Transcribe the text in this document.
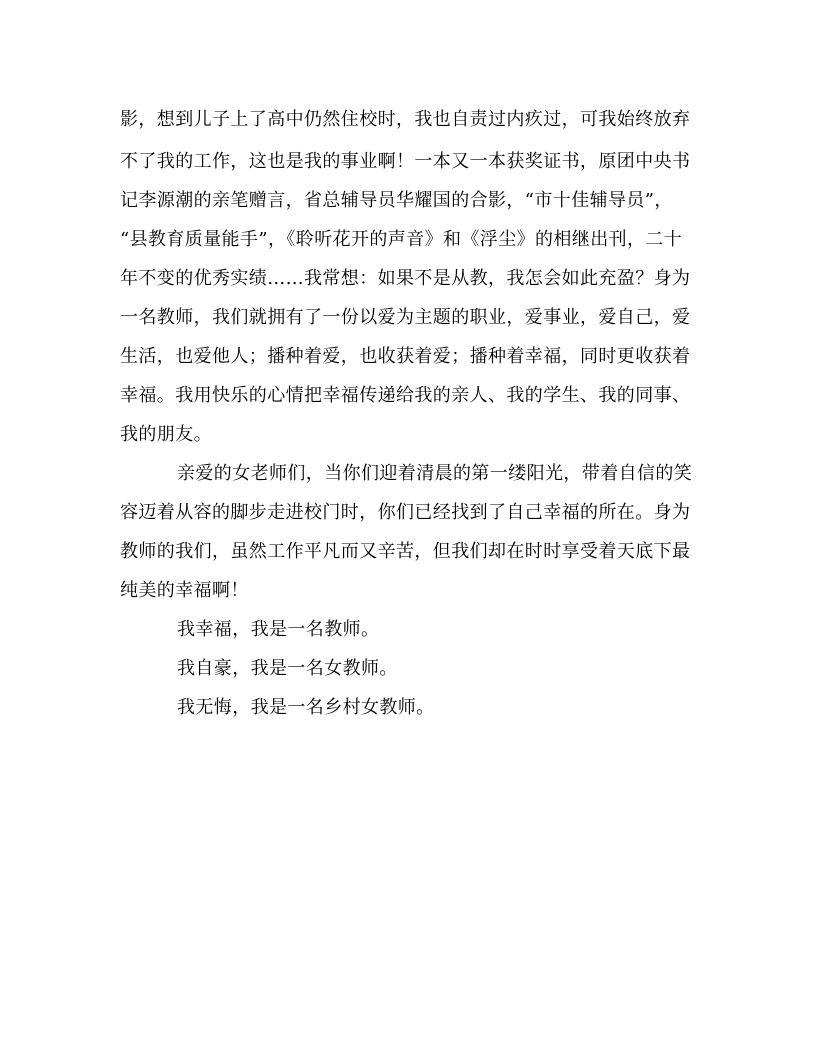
影，想到儿子上了高中仍然住校时，我也自责过内疚过，可我始终放弃
不了我的工作，这也是我的事业啊！一本又一本获奖证书，原团中央书
记李源潮的亲笔赠言，省总辅导员华耀国的合影，“市十佳辅导员”，
“县教育质量能手”，《聆听花开的声音》和《浮尘》的相继出刊，二十
年不变的优秀实绩……我常想：如果不是从教，我怎会如此充盈？身为
一名教师，我们就拥有了一份以爱为主题的职业，爱事业，爱自己，爱
生活，也爱他人；播种着爱，也收获着爱；播种着幸福，同时更收获着
幸福。我用快乐的心情把幸福传递给我的亲人、我的学生、我的同事、
我的朋友。
亲爱的女老师们，当你们迎着清晨的第一缕阳光，带着自信的笑
容迈着从容的脚步走进校门时，你们已经找到了自己幸福的所在。身为
教师的我们，虽然工作平凡而又辛苦，但我们却在时时享受着天底下最
纯美的幸福啊！
我幸福，我是一名教师。
我自豪，我是一名女教师。
我无悔，我是一名乡村女教师。
